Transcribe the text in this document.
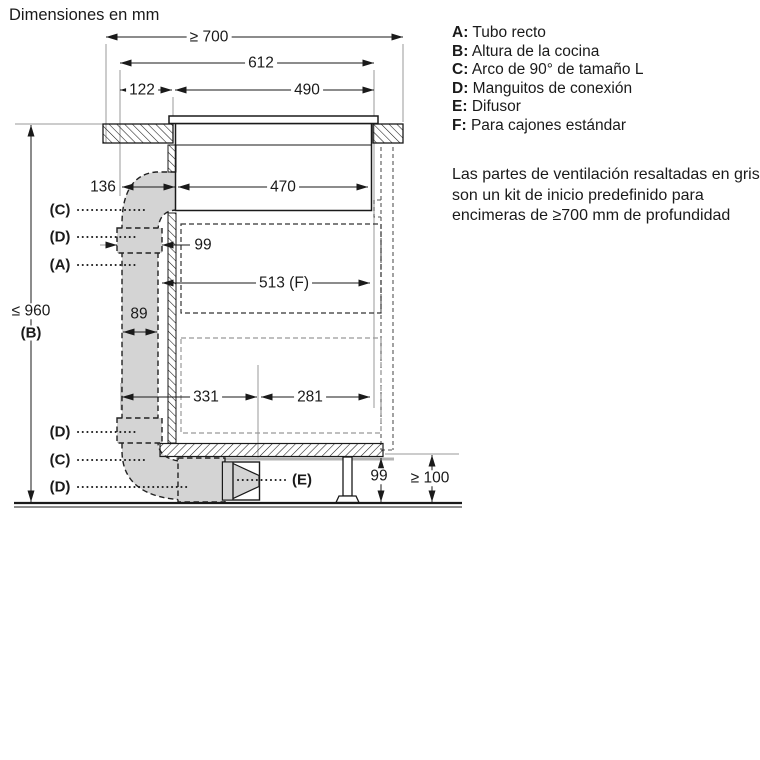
Dimensiones en mm
A: Tubo recto
B: Altura de la cocina
C: Arco de 90° de tamaño L
D: Manguitos de conexión
E: Difusor
F: Para cajones estándar
Las partes de ventilación resaltadas en gris son un kit de inicio predefinido para encimeras de ≥700 mm de profundidad
≥ 700
612
122	490
136	470
99
513 (F)
89
331	281
99 ≥ 100
≤ 960
(B)
(C)
(D)
(A)
(D)
(C)
(D)	(E)
